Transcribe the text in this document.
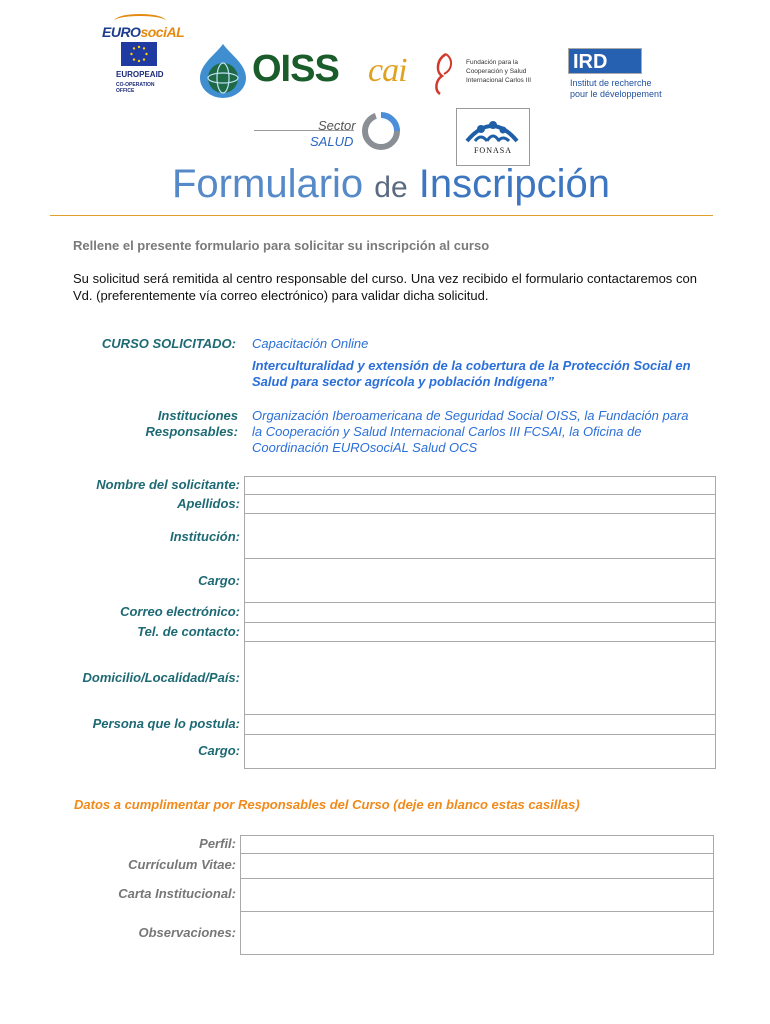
EUROsociAL
EUROPEAID
CO-OPERATION OFFICE
OISS cai	Fundación para la
Cooperación y Salud
Internacional Carlos III
IRD
Institut de recherche
pour le développement
Sector
SALUD
FONASA
Formulario de Inscripción
Rellene el presente formulario para solicitar su inscripción al curso
Su solicitud será remitida al centro responsable del curso. Una vez recibido el formulario contactaremos con Vd. (preferentemente vía correo electrónico) para validar dicha solicitud.
CURSO SOLICITADO: Capacitación Online
Interculturalidad y extensión de la cobertura de la Protección Social en Salud para sector agrícola y población Indígena”
Instituciones
Responsables:
Organización Iberoamericana de Seguridad Social OISS, la Fundación para la Cooperación y Salud Internacional Carlos III FCSAI, la Oficina de Coordinación EUROsociAL Salud OCS
Nombre del solicitante:
Apellidos:
Institución:
Cargo:
Correo electrónico:
Tel. de contacto:
Domicilio/Localidad/País:
Persona que lo postula:
Cargo:
Datos a cumplimentar por Responsables del Curso (deje en blanco estas casillas)
Perfil:
Currículum Vitae:
Carta Institucional:
Observaciones:
